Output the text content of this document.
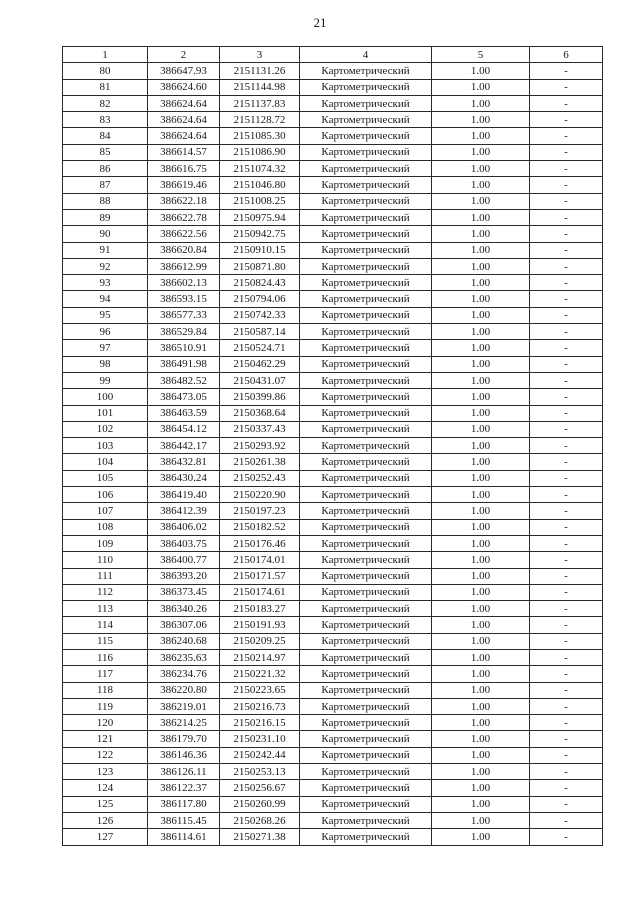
21
1	2	3	4	5	6
80	386647.93	2151131.26	Картометрический	1.00	-
81	386624.60	2151144.98	Картометрический	1.00	-
82	386624.64	2151137.83	Картометрический	1.00	-
83	386624.64	2151128.72	Картометрический	1.00	-
84	386624.64	2151085.30	Картометрический	1.00	-
85	386614.57	2151086.90	Картометрический	1.00	-
86	386616.75	2151074.32	Картометрический	1.00	-
87	386619.46	2151046.80	Картометрический	1.00	-
88	386622.18	2151008.25	Картометрический	1.00	-
89	386622.78	2150975.94	Картометрический	1.00	-
90	386622.56	2150942.75	Картометрический	1.00	-
91	386620.84	2150910.15	Картометрический	1.00	-
92	386612.99	2150871.80	Картометрический	1.00	-
93	386602.13	2150824.43	Картометрический	1.00	-
94	386593.15	2150794.06	Картометрический	1.00	-
95	386577.33	2150742.33	Картометрический	1.00	-
96	386529.84	2150587.14	Картометрический	1.00	-
97	386510.91	2150524.71	Картометрический	1.00	-
98	386491.98	2150462.29	Картометрический	1.00	-
99	386482.52	2150431.07	Картометрический	1.00	-
100	386473.05	2150399.86	Картометрический	1.00	-
101	386463.59	2150368.64	Картометрический	1.00	-
102	386454.12	2150337.43	Картометрический	1.00	-
103	386442.17	2150293.92	Картометрический	1.00	-
104	386432.81	2150261.38	Картометрический	1.00	-
105	386430.24	2150252.43	Картометрический	1.00	-
106	386419.40	2150220.90	Картометрический	1.00	-
107	386412.39	2150197.23	Картометрический	1.00	-
108	386406.02	2150182.52	Картометрический	1.00	-
109	386403.75	2150176.46	Картометрический	1.00	-
110	386400.77	2150174.01	Картометрический	1.00	-
111	386393.20	2150171.57	Картометрический	1.00	-
112	386373.45	2150174.61	Картометрический	1.00	-
113	386340.26	2150183.27	Картометрический	1.00	-
114	386307.06	2150191.93	Картометрический	1.00	-
115	386240.68	2150209.25	Картометрический	1.00	-
116	386235.63	2150214.97	Картометрический	1.00	-
117	386234.76	2150221.32	Картометрический	1.00	-
118	386220.80	2150223.65	Картометрический	1.00	-
119	386219.01	2150216.73	Картометрический	1.00	-
120	386214.25	2150216.15	Картометрический	1.00	-
121	386179.70	2150231.10	Картометрический	1.00	-
122	386146.36	2150242.44	Картометрический	1.00	-
123	386126.11	2150253.13	Картометрический	1.00	-
124	386122.37	2150256.67	Картометрический	1.00	-
125	386117.80	2150260.99	Картометрический	1.00	-
126	386115.45	2150268.26	Картометрический	1.00	-
127	386114.61	2150271.38	Картометрический	1.00	-
